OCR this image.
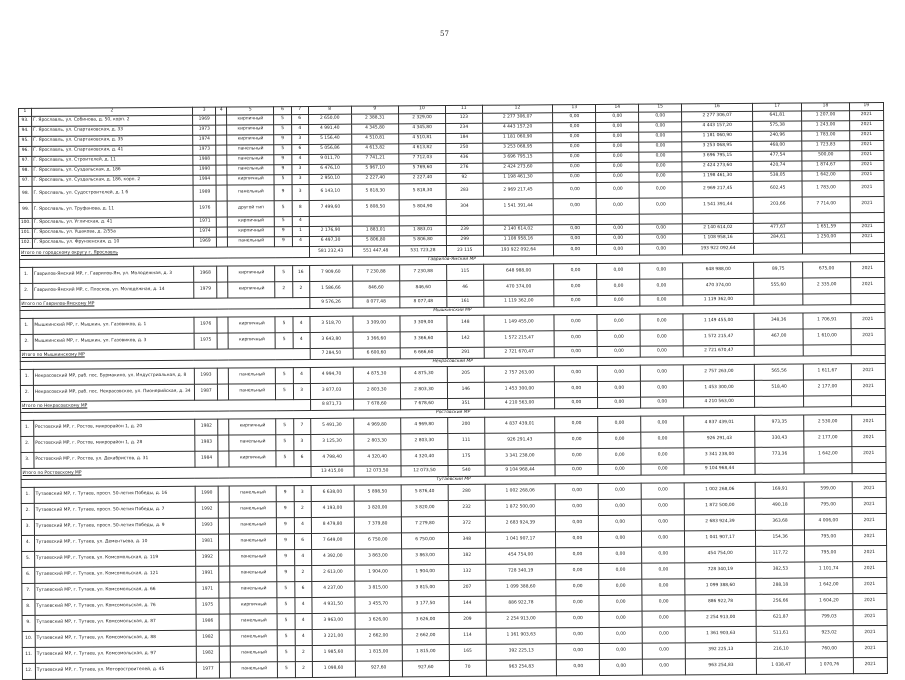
57
1	2	3	4	5	6	7	8	9	10	11	12	13	14	15	16	17	18	19
93.	Г. Ярославль, ул. Собинова, д. 50, корп. 2	1969		кирпичный	5	6	2 650,00	2 388,31	2 329,00	123	2 277 306,07	0,00	0,00	0,00	2 277 306,07	641,81	1 207,00	2021
94.	Г. Ярославль, ул. Спартаковская, д. 33	1973		кирпичный	5	4	4 991,40	4 345,80	4 345,80	234	4 443 157,20	0,00	0,00	0,00	4 443 157,20	575,38	1 243,00	2021
95.	Г. Ярославль, ул. Спартаковская, д. 35	1974		кирпичный	9	3	5 156,40	4 510,81	4 510,81	184	1 181 060,90	0,00	0,00	0,00	1 181 060,90	240,96	1 783,00	2021
96.	Г. Ярославль, ул. Спартаковская, д. 41	1973		панельный	5	6	5 056,86	4 613,82	4 613,82	250	3 253 068,95	0,00	0,00	0,00	3 253 068,95	468,00	1 723,83	2021
97.	Г. Ярославль, ул. Строителей, д. 11	1988		панельный	9	4	9 011,70	7 741,21	7 712,03	436	3 696 795,15	0,00	0,00	0,00	3 696 795,15	477,54	500,00	2021
98.	Г. Ярославль, ул. Суздальская, д. 186	1990		панельный	9	3	6 476,10	5 967,10	5 769,60	276	2 424 273,60	0,00	0,00	0,00	2 424 273,60	420,74	1 874,67	2021
97.	Г. Ярославль, ул. Суздальская, д. 186, корп. 2	1994		кирпичный	5	3	2 950,10	2 227,40	2 227,40	92	1 198 461,30	0,00	0,00	0,00	1 198 461,30	538,05	1 642,00	2021
98.	Г. Ярославль, ул. Судостроителей, д. 1 б	1989		панельный	9	3	6 143,10	5 818,30	5 818,30	283	2 969 217,45	0,00	0,00	0,00	2 969 217,45	602,45	1 783,00	2021
99.	Г. Ярославль, ул. Труфанова, д. 11	1976		другой тип	5	8	7 499,60	5 808,50	5 804,90	304	1 541 391,44	0,00	0,00	0,00	1 541 391,44	203,66	7 714,00	2021
100.	Г. Ярославль, ул. Угличская, д. 41	1971		кирпичный	5	4												
101.	Г. Ярославль, ул. Ушакова, д. 2/55а	1974		кирпичный	9	1	2 176,90	1 883,01	1 883,01	239	2 140 614,02	0,00	0,00	0,00	2 140 614,02	477,67	1 651,59	2021
102.	Г. Ярославль, ул. Фрунзенская, д. 10	1969		панельный	9	4	6 497,30	5 806,80	5 806,80	299	1 108 958,16	0,00	0,00	0,00	1 108 958,16	284,61	1 250,00	2021
Итого по городскому округу г. Ярославль							581 232,43	551 447,48	531 723,28	23 115	193 922 092,64	0,00	0,00	0,00	193 922 092,64			
Гаврилов-Ямский МР																		
1.	Гаврилов-Ямский МР, г. Гаврилов-Ям, ул. Молодежная, д. 3	1968		кирпичный	5	16	7 909,60	7 230,88	7 230,88	115	648 988,00	0,00	0,00	0,00	648 988,00	89,75	675,00	2021
2.	Гаврилов-Ямский МР, с. Плосков, ул. Молодежная, д. 14	1979		кирпичный	2	2	1 586,66	846,60	846,60	46	470 374,00	0,00	0,00	0,00	470 374,00	555,60	2 335,00	2021
Итого по Гаврилов-Ямскому МР							9 576,26	8 077,48	8 077,48	161	1 119 362,00	0,00	0,00	0,00	1 119 362,00			
Мышкинский МР																		
1.	Мышкинский МР, г. Мышкин, ул. Газовиков, д. 1	1976		кирпичный	5	4	3 518,70	3 309,00	3 309,00	148	1 149 455,00	0,00	0,00	0,00	1 149 455,00	348,36	1 706,91	2021
2.	Мышкинский МР, г. Мышкин, ул. Газовиков, д. 3	1975		кирпичный	5	4	3 643,80	3 366,60	3 366,60	142	1 572 215,47	0,00	0,00	0,00	1 572 215,47	467,00	1 610,00	2021
Итого по Мышкинскому МР							7 284,50	6 600,60	6 666,60	291	2 721 670,47	0,00	0,00	0,00	2 721 670,47			
Некрасовский МР																		
1.	Некрасовский МР, раб. пос. Бурмакино, ул. Индустриальная, д. 8	1993		панельный	5	4	4 994,70	4 875,30	4 875,30	205	2 757 263,00	0,00	0,00	0,00	2 757 263,00	565,56	1 611,67	2021
2.	Некрасовский МР, раб. пос. Некрасовское, ул. Пионерийская, д. 34	1987		панельный	5	3	3 877,03	2 803,30	2 803,30	146	1 453 300,00	0,00	0,00	0,00	1 453 300,00	518,40	2 177,00	2021
Итого по Некрасовскому МР							8 871,73	7 678,60	7 678,60	351	4 210 563,00	0,00	0,00	0,00	4 210 563,00			
Ростовский МР																		
1.	Ростовский МР, г. Ростов, микрорайон 1, д. 20	1982		кирпичный	5	7	5 491,30	4 969,80	4 969,80	200	4 837 439,01	0,00	0,00	0,00	4 837 439,01	973,35	2 530,00	2021
2.	Ростовский МР, г. Ростов, микрорайон 1, д. 28	1983		панельный	5	3	3 125,30	2 803,30	2 803,30	111	926 291,43	0,00	0,00	0,00	926 291,43	330,43	2 177,00	2021
3.	Ростовский МР, г. Ростов, ул. Декабристов, д. 31	1984		кирпичный	5	6	4 798,40	4 320,40	4 320,40	175	3 341 238,00	0,00	0,00	0,00	3 341 238,00	773,36	1 642,00	2021
Итого по Ростовскому МР							13 415,00	12 073,50	12 073,50	540	9 104 968,44	0,00	0,00	0,00	9 104 968,44			
Тутаевский МР																		
1.	Тутаевский МР, г. Тутаев, просп. 50-летия Победы, д. 16	1990		панельный	9	3	6 638,00	5 898,50	5 876,40	280	1 002 268,06	0,00	0,00	0,00	1 002 268,06	169,91	599,00	2021
2.	Тутаевский МР, г. Тутаев, просп. 50-летия Победы, д. 7	1992		панельный	9	2	4 193,00	3 820,00	3 820,00	232	1 872 500,00	0,00	0,00	0,00	1 872 500,00	490,18	795,00	2021
3.	Тутаевский МР, г. Тутаев, просп. 50-летия Победы, д. 9	1993		панельный	9	4	8 479,80	7 379,80	7 279,80	372	2 683 924,39	0,00	0,00	0,00	2 683 924,39	363,68	4 006,00	2021
4.	Тутаевский МР, г. Тутаев, ул. Дементьева, д. 10	1981		панельный	9	6	7 649,00	6 750,00	6 750,00	348	1 041 907,17	0,00	0,00	0,00	1 041 907,17	154,36	795,00	2021
5.	Тутаевский МР, г. Тутаев, ул. Комсомольская, д. 119	1992		панельный	9	4	4 392,00	3 863,00	3 863,00	182	454 754,00	0,00	0,00	0,00	454 754,00	117,72	795,00	2021
6.	Тутаевский МР, г. Тутаев, ул. Комсомольская, д. 121	1991		панельный	9	2	2 613,00	1 904,00	1 904,00	132	728 340,19	0,00	0,00	0,00	728 340,19	382,53	1 101,74	2021
7.	Тутаевский МР, г. Тутаев, ул. Комсомольская, д. 66	1971		панельный	5	6	4 237,00	3 815,00	3 815,00	207	1 099 388,60	0,00	0,00	0,00	1 099 388,60	288,18	1 642,00	2021
8.	Тутаевский МР, г. Тутаев, ул. Комсомольская, д. 76	1975		кирпичный	5	4	4 931,50	3 455,70	3 177,50	144	886 922,78	0,00	0,00	0,00	886 922,78	256,66	1 604,20	2021
9.	Тутаевский МР, г. Тутаев, ул. Комсомольская, д. 87	1986		панельный	5	4	3 963,00	3 626,00	3 626,00	209	2 254 913,00	0,00	0,00	0,00	2 254 913,00	621,87	799,03	2021
10.	Тутаевский МР, г. Тутаев, ул. Комсомольская, д. 88	1982		панельный	5	4	3 221,00	2 662,00	2 662,00	114	1 361 903,63	0,00	0,00	0,00	1 361 903,63	511,61	923,02	2021
11.	Тутаевский МР, г. Тутаев, ул. Комсомольская, д. 97	1982		панельный	5	2	1 985,60	1 815,00	1 815,00	165	392 225,13	0,00	0,00	0,00	392 225,13	216,10	760,00	2021
12.	Тутаевский МР, г. Тутаев, ул. Моторостроителей, д. 45	1977		панельный	5	2	1 098,60	927,60	927,60	70	963 254,83	0,00	0,00	0,00	963 254,83	1 038,47	1 070,76	2021
